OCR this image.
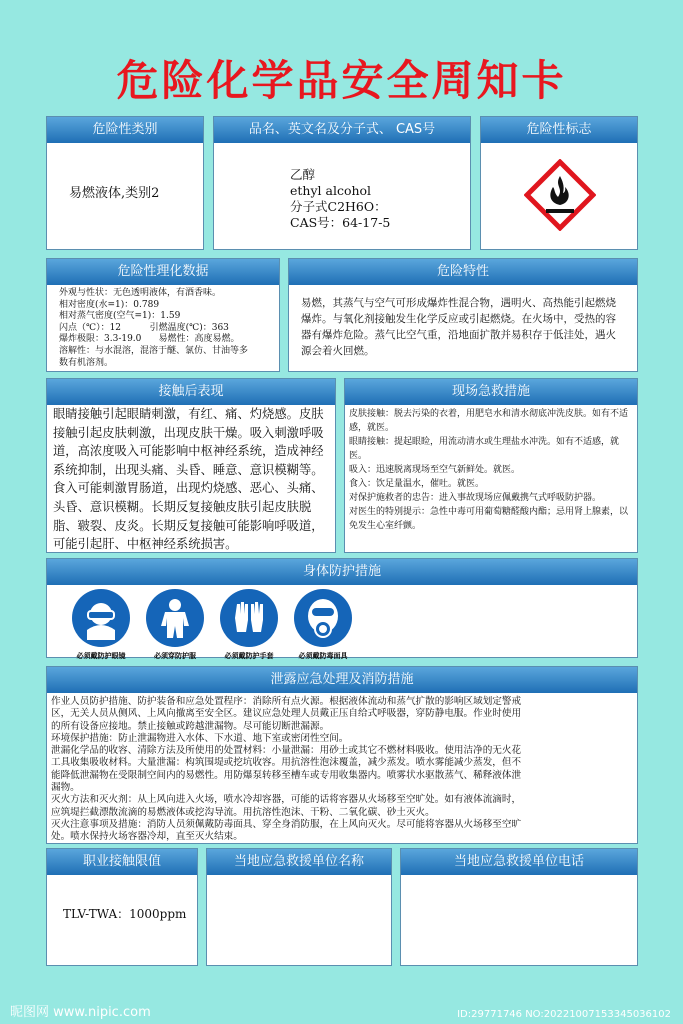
危险化学品安全周知卡
危险性类别
易燃液体,类别2
品名、英文名及分子式、 CAS号
乙醇
ethyl alcohol
分子式C2H6O：
CAS号：64-17-5
危险性标志
危险性理化数据
外观与性状：无色透明液体，有酒香味。
相对密度(水=1)：0.789
相对蒸气密度(空气=1)：1.59
闪点（℃）：12          引燃温度(℃)：363
爆炸极限：3.3-19.0      易燃性：高度易燃。
溶解性：与水混溶，混溶于醚、氯仿、甘油等多
数有机溶剂。
危险特性
易燃，其蒸气与空气可形成爆炸性混合物，遇明火、高热能引起燃烧爆炸。与氧化剂接触发生化学反应或引起燃烧。在火场中，受热的容器有爆炸危险。蒸气比空气重，沿地面扩散并易积存于低洼处，遇火源会着火回燃。
接触后表现
眼睛接触引起眼睛刺激，有红、痛、灼烧感。皮肤接触引起皮肤刺激，出现皮肤干燥。吸入刺激呼吸道，高浓度吸入可能影响中枢神经系统，造成神经系统抑制，出现头痛、头昏、睡意、意识模糊等。食入可能刺激胃肠道，出现灼烧感、恶心、头痛、头昏、意识模糊。长期反复接触皮肤引起皮肤脱脂、皲裂、皮炎。长期反复接触可能影响呼吸道，可能引起肝、中枢神经系统损害。
现场急救措施
皮肤接触：脱去污染的衣着，用肥皂水和清水彻底冲洗皮肤。如有不适感，就医。
眼睛接触：提起眼睑，用流动清水或生理盐水冲洗。如有不适感，就医。
吸入：迅速脱离现场至空气新鲜处。就医。
食入：饮足量温水，催吐。就医。
对保护施救者的忠告：进入事故现场应佩戴携气式呼吸防护器。
对医生的特别提示：急性中毒可用葡萄糖醛酸内酯；忌用肾上腺素，以免发生心室纤颤。
身体防护措施
必须戴防护眼镜	必须穿防护服	必须戴防护手套	必须戴防毒面具
泄露应急处理及消防措施
作业人员防护措施、防护装备和应急处置程序：消除所有点火源。根据液体流动和蒸气扩散的影响区域划定警戒
区，无关人员从侧风、上风向撤离至安全区。建议应急处理人员戴正压自给式呼吸器，穿防静电服。作业时使用
的所有设备应接地。禁止接触或跨越泄漏物。尽可能切断泄漏源。
环境保护措施：防止泄漏物进入水体、下水道、地下室或密闭性空间。
泄漏化学品的收容、清除方法及所使用的处置材料：小量泄漏：用砂土或其它不燃材料吸收。使用洁净的无火花
工具收集吸收材料。大量泄漏：构筑围堤或挖坑收容。用抗溶性泡沫覆盖，减少蒸发。喷水雾能减少蒸发，但不
能降低泄漏物在受限制空间内的易燃性。用防爆泵转移至槽车或专用收集器内。喷雾状水驱散蒸气、稀释液体泄
漏物。
灭火方法和灭火剂：从上风向进入火场，喷水冷却容器，可能的话将容器从火场移至空旷处。如有液体流滴时，
应筑堤拦截漂散流滴的易燃液体或挖沟导流。用抗溶性泡沫、干粉、二氧化碳、砂土灭火。
灭火注意事项及措施：消防人员须佩戴防毒面具、穿全身消防服，在上风向灭火。尽可能将容器从火场移至空旷
处。喷水保持火场容器冷却，直至灭火结束。
职业接触限值
TLV-TWA：1000ppm
当地应急救援单位名称	当地应急救援单位电话
昵图网 www.nipic.com	ID:29771746 NO:20221007153345036102
